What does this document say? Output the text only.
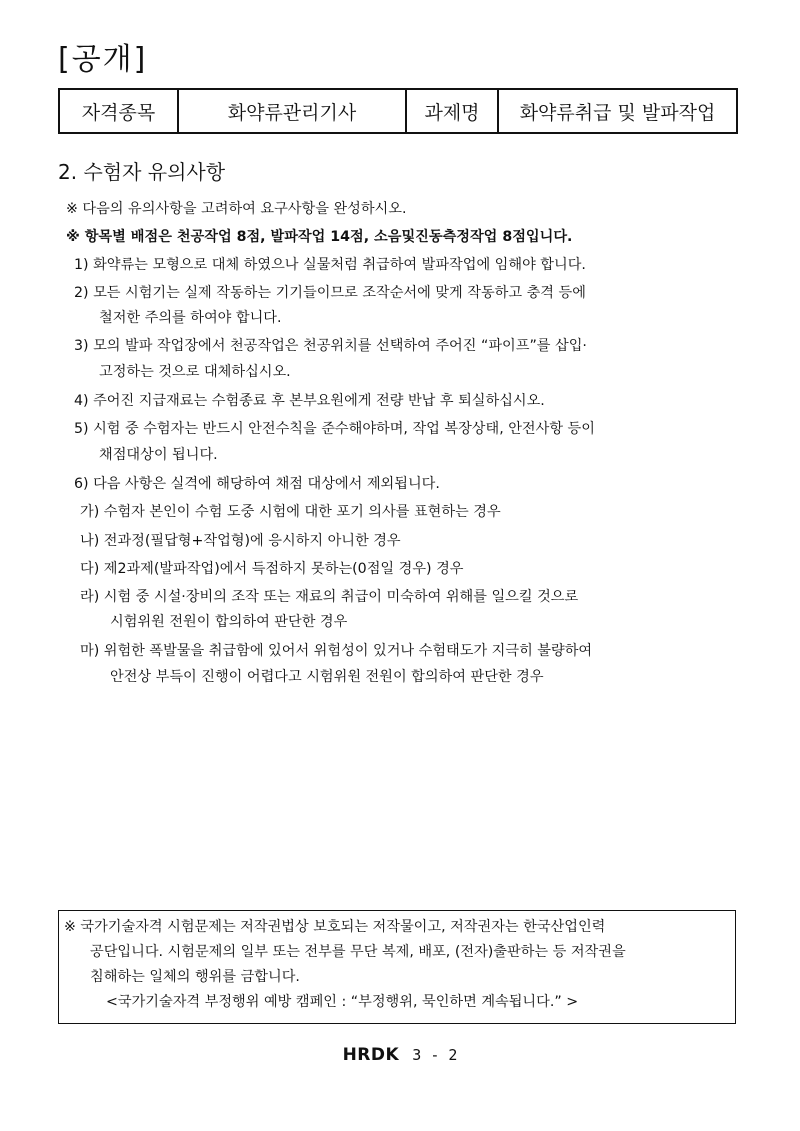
[공개]
자격종목	화약류관리기사	과제명	화약류취급 및 발파작업
2. 수험자 유의사항
※ 다음의 유의사항을 고려하여 요구사항을 완성하시오.
※ 항목별 배점은 천공작업 8점, 발파작업 14점, 소음및진동측정작업 8점입니다.
1) 화약류는 모형으로 대체 하였으나 실물처럼 취급하여 발파작업에 임해야 합니다.
2) 모든 시험기는 실제 작동하는 기기들이므로 조작순서에 맞게 작동하고 충격 등에
철저한 주의를 하여야 합니다.
3) 모의 발파 작업장에서 천공작업은 천공위치를 선택하여 주어진 “파이프”를 삽입·
고정하는 것으로 대체하십시오.
4) 주어진 지급재료는 수험종료 후 본부요원에게 전량 반납 후 퇴실하십시오.
5) 시험 중 수험자는 반드시 안전수칙을 준수해야하며, 작업 복장상태, 안전사항 등이
채점대상이 됩니다.
6) 다음 사항은 실격에 해당하여 채점 대상에서 제외됩니다.
가) 수험자 본인이 수험 도중 시험에 대한 포기 의사를 표현하는 경우
나) 전과정(필답형+작업형)에 응시하지 아니한 경우
다) 제2과제(발파작업)에서 득점하지 못하는(0점일 경우) 경우
라) 시험 중 시설·장비의 조작 또는 재료의 취급이 미숙하여 위해를 일으킬 것으로
시험위원 전원이 합의하여 판단한 경우
마) 위험한 폭발물을 취급함에 있어서 위험성이 있거나 수험태도가 지극히 불량하여
안전상 부득이 진행이 어렵다고 시험위원 전원이 합의하여 판단한 경우
※ 국가기술자격 시험문제는 저작권법상 보호되는 저작물이고, 저작권자는 한국산업인력
공단입니다. 시험문제의 일부 또는 전부를 무단 복제, 배포, (전자)출판하는 등 저작권을
침해하는 일체의 행위를 금합니다.
<국가기술자격 부정행위 예방 캠페인 : “부정행위, 묵인하면 계속됩니다.” >
HRDK 3 - 2
